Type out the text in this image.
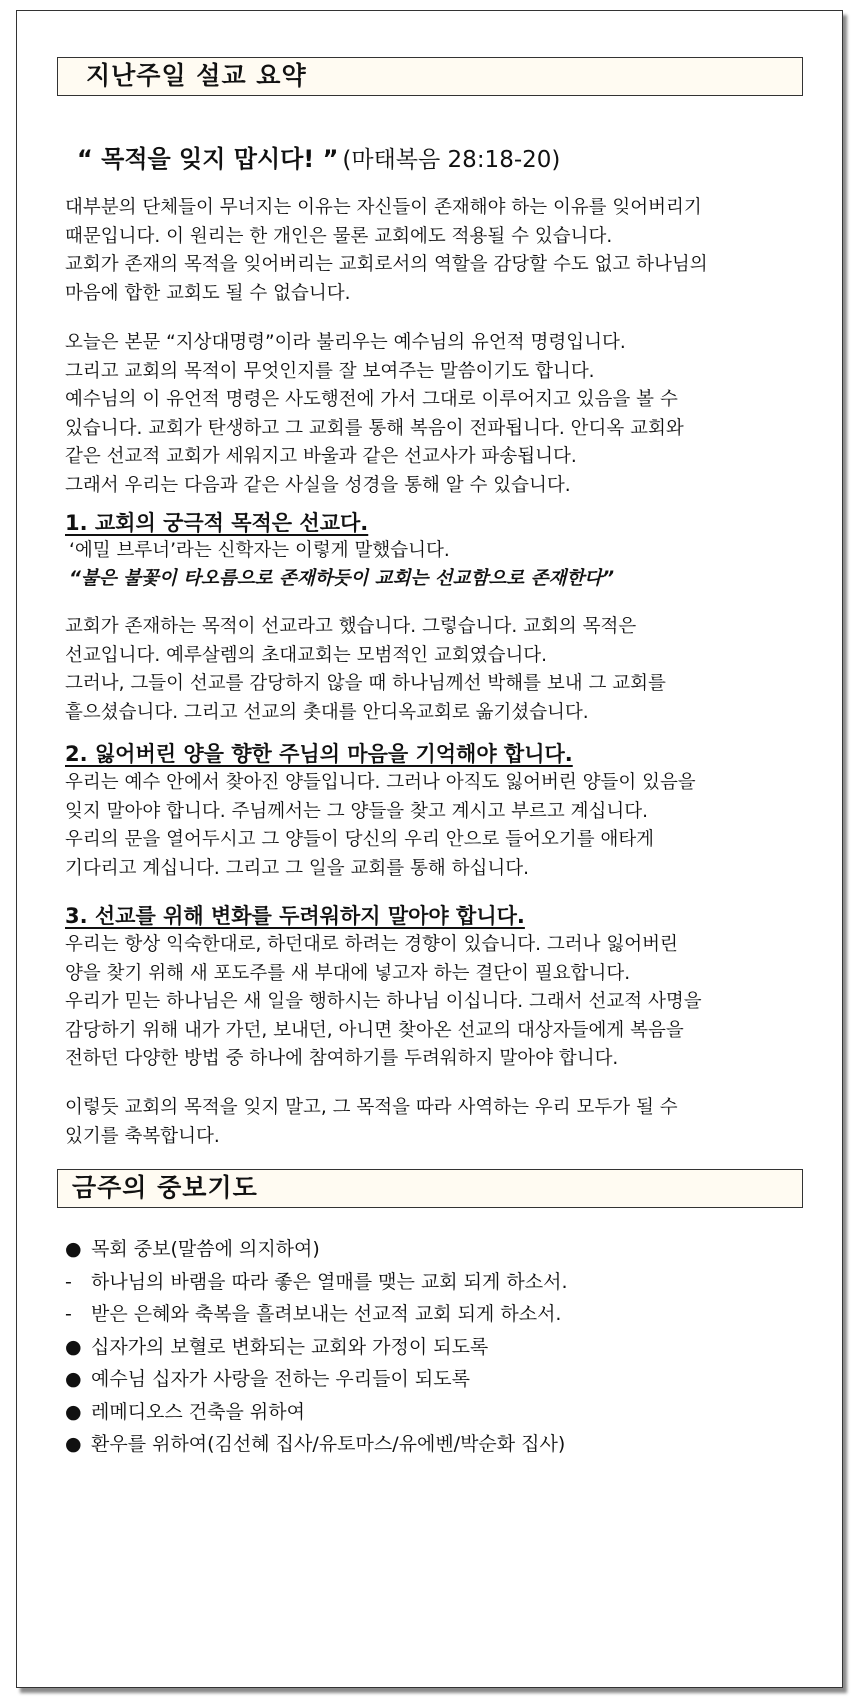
지난주일 설교 요약
“ 목적을 잊지 맙시다! ” (마태복음 28:18-20)
대부분의 단체들이 무너지는 이유는 자신들이 존재해야 하는 이유를 잊어버리기
때문입니다. 이 원리는 한 개인은 물론 교회에도 적용될 수 있습니다.
교회가 존재의 목적을 잊어버리는 교회로서의 역할을 감당할 수도 없고 하나님의
마음에 합한 교회도 될 수 없습니다.
오늘은 본문 “지상대명령”이라 불리우는 예수님의 유언적 명령입니다.
그리고 교회의 목적이 무엇인지를 잘 보여주는 말씀이기도 합니다.
예수님의 이 유언적 명령은 사도행전에 가서 그대로 이루어지고 있음을 볼 수
있습니다. 교회가 탄생하고 그 교회를 통해 복음이 전파됩니다. 안디옥 교회와
같은 선교적 교회가 세워지고 바울과 같은 선교사가 파송됩니다.
그래서 우리는 다음과 같은 사실을 성경을 통해 알 수 있습니다.
1. 교회의 궁극적 목적은 선교다.
‘에밀 브루너’라는 신학자는 이렇게 말했습니다.
“불은 불꽃이 타오름으로 존재하듯이 교회는 선교함으로 존재한다”
교회가 존재하는 목적이 선교라고 했습니다. 그렇습니다. 교회의 목적은
선교입니다. 예루살렘의 초대교회는 모범적인 교회였습니다.
그러나, 그들이 선교를 감당하지 않을 때 하나님께선 박해를 보내 그 교회를
흩으셨습니다. 그리고 선교의 촛대를 안디옥교회로 옮기셨습니다.
2. 잃어버린 양을 향한 주님의 마음을 기억해야 합니다.
우리는 예수 안에서 찾아진 양들입니다. 그러나 아직도 잃어버린 양들이 있음을
잊지 말아야 합니다. 주님께서는 그 양들을 찾고 계시고 부르고 계십니다.
우리의 문을 열어두시고 그 양들이 당신의 우리 안으로 들어오기를 애타게
기다리고 계십니다. 그리고 그 일을 교회를 통해 하십니다.
3. 선교를 위해 변화를 두려워하지 말아야 합니다.
우리는 항상 익숙한대로, 하던대로 하려는 경향이 있습니다. 그러나 잃어버린
양을 찾기 위해 새 포도주를 새 부대에 넣고자 하는 결단이 필요합니다.
우리가 믿는 하나님은 새 일을 행하시는 하나님 이십니다. 그래서 선교적 사명을
감당하기 위해 내가 가던, 보내던, 아니면 찾아온 선교의 대상자들에게 복음을
전하던 다양한 방법 중 하나에 참여하기를 두려워하지 말아야 합니다.
이렇듯 교회의 목적을 잊지 말고, 그 목적을 따라 사역하는 우리 모두가 될 수
있기를 축복합니다.
금주의 중보기도
● 목회 중보(말씀에 의지하여)
- 하나님의 바램을 따라 좋은 열매를 맺는 교회 되게 하소서.
- 받은 은혜와 축복을 흘려보내는 선교적 교회 되게 하소서.
● 십자가의 보혈로 변화되는 교회와 가정이 되도록
● 예수님 십자가 사랑을 전하는 우리들이 되도록
● 레메디오스 건축을 위하여
● 환우를 위하여(김선혜 집사/유토마스/유에벤/박순화 집사)
